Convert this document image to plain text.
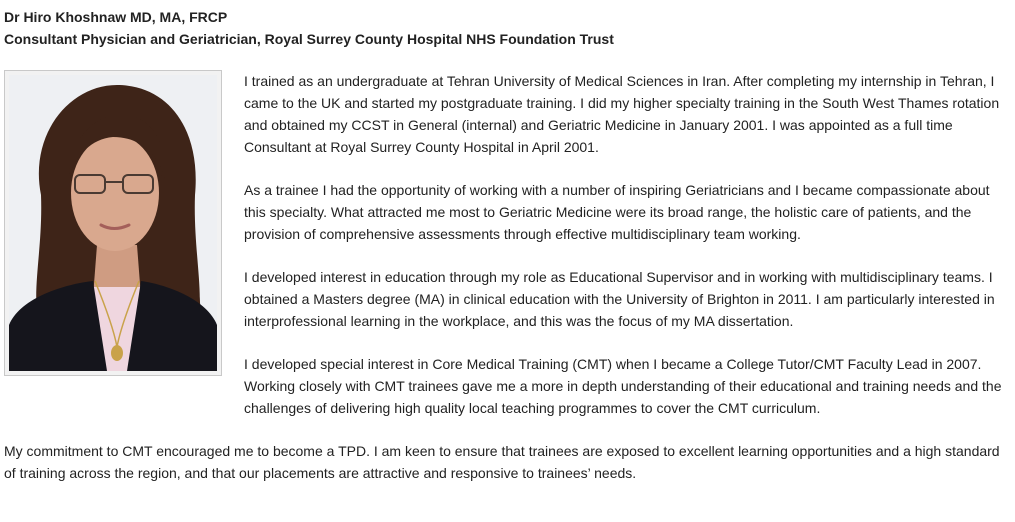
Dr Hiro Khoshnaw MD, MA, FRCP
Consultant Physician and Geriatrician, Royal Surrey County Hospital NHS Foundation Trust

I trained as an undergraduate at Tehran University of Medical Sciences in Iran. After completing my internship in Tehran, I came to the UK and started my postgraduate training. I did my higher specialty training in the South West Thames rotation and obtained my CCST in General (internal) and Geriatric Medicine in January 2001. I was appointed as a full time Consultant at Royal Surrey County Hospital in April 2001.

As a trainee I had the opportunity of working with a number of inspiring Geriatricians and I became compassionate about this specialty. What attracted me most to Geriatric Medicine were its broad range, the holistic care of patients, and the provision of comprehensive assessments through effective multidisciplinary team working.

I developed interest in education through my role as Educational Supervisor and in working with multidisciplinary teams. I obtained a Masters degree (MA) in clinical education with the University of Brighton in 2011. I am particularly interested in interprofessional learning in the workplace, and this was the focus of my MA dissertation.

I developed special interest in Core Medical Training (CMT) when I became a College Tutor/CMT Faculty Lead in 2007. Working closely with CMT trainees gave me a more in depth understanding of their educational and training needs and the challenges of delivering high quality local teaching programmes to cover the CMT curriculum.

My commitment to CMT encouraged me to become a TPD. I am keen to ensure that trainees are exposed to excellent learning opportunities and a high standard of training across the region, and that our placements are attractive and responsive to trainees’ needs.
